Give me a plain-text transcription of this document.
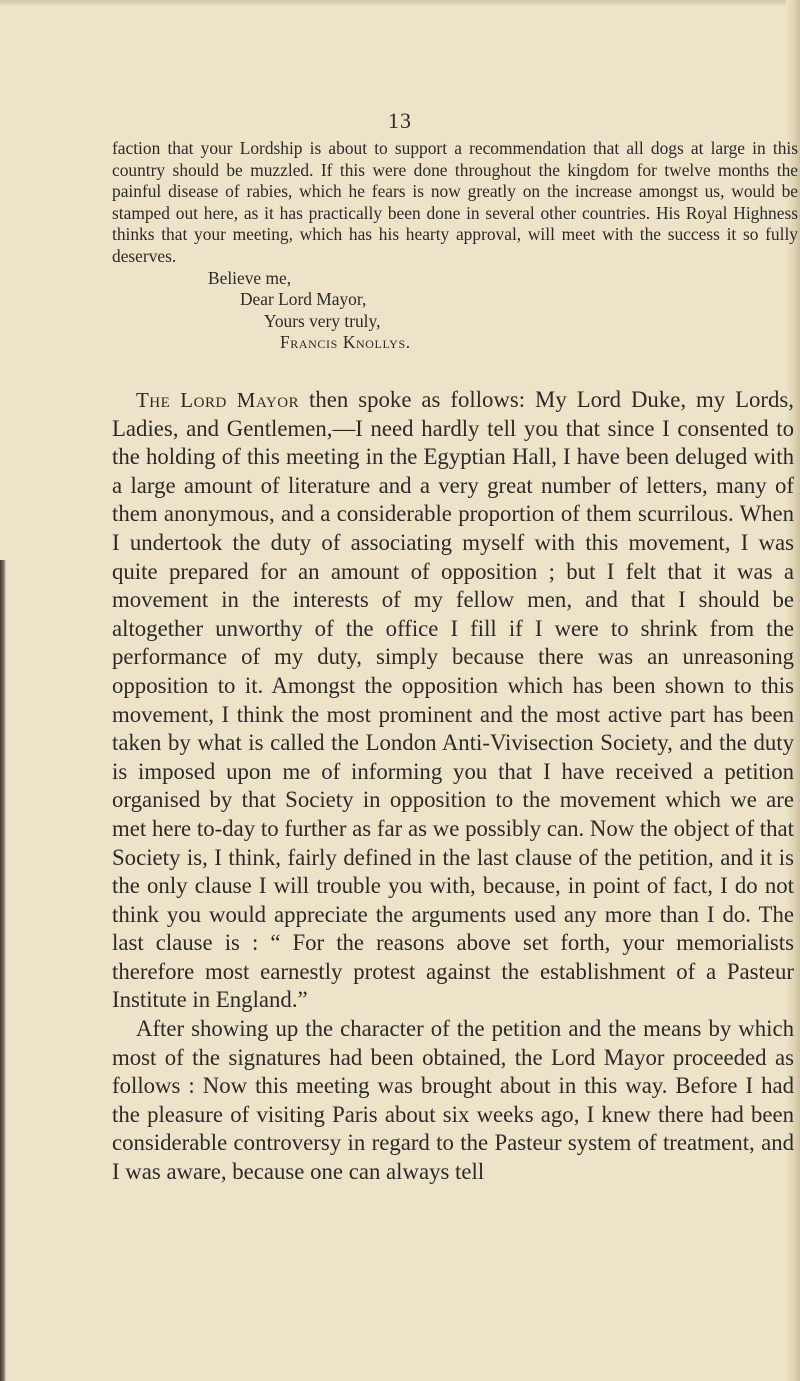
13

faction that your Lordship is about to support a recommendation that all dogs at large in this country should be muzzled. If this were done throughout the kingdom for twelve months the painful disease of rabies, which he fears is now greatly on the increase amongst us, would be stamped out here, as it has practically been done in several other countries. His Royal Highness thinks that your meeting, which has his hearty approval, will meet with the success it so fully deserves.

Believe me,
Dear Lord Mayor,
Yours very truly,
Francis Knollys.

The Lord Mayor then spoke as follows: My Lord Duke, my Lords, Ladies, and Gentlemen,—I need hardly tell you that since I consented to the holding of this meeting in the Egyptian Hall, I have been deluged with a large amount of literature and a very great number of letters, many of them anonymous, and a considerable proportion of them scurrilous. When I undertook the duty of associating myself with this movement, I was quite prepared for an amount of opposition ; but I felt that it was a movement in the interests of my fellow men, and that I should be altogether unworthy of the office I fill if I were to shrink from the performance of my duty, simply because there was an unreasoning opposition to it. Amongst the opposition which has been shown to this movement, I think the most prominent and the most active part has been taken by what is called the London Anti-Vivisection Society, and the duty is imposed upon me of informing you that I have received a petition organised by that Society in opposition to the movement which we are met here to-day to further as far as we possibly can. Now the object of that Society is, I think, fairly defined in the last clause of the petition, and it is the only clause I will trouble you with, because, in point of fact, I do not think you would appreciate the arguments used any more than I do. The last clause is : “ For the reasons above set forth, your memorialists therefore most earnestly protest against the establishment of a Pasteur Institute in England.”

After showing up the character of the petition and the means by which most of the signatures had been obtained, the Lord Mayor proceeded as follows : Now this meeting was brought about in this way. Before I had the pleasure of visiting Paris about six weeks ago, I knew there had been considerable controversy in regard to the Pasteur system of treatment, and I was aware, because one can always tell
